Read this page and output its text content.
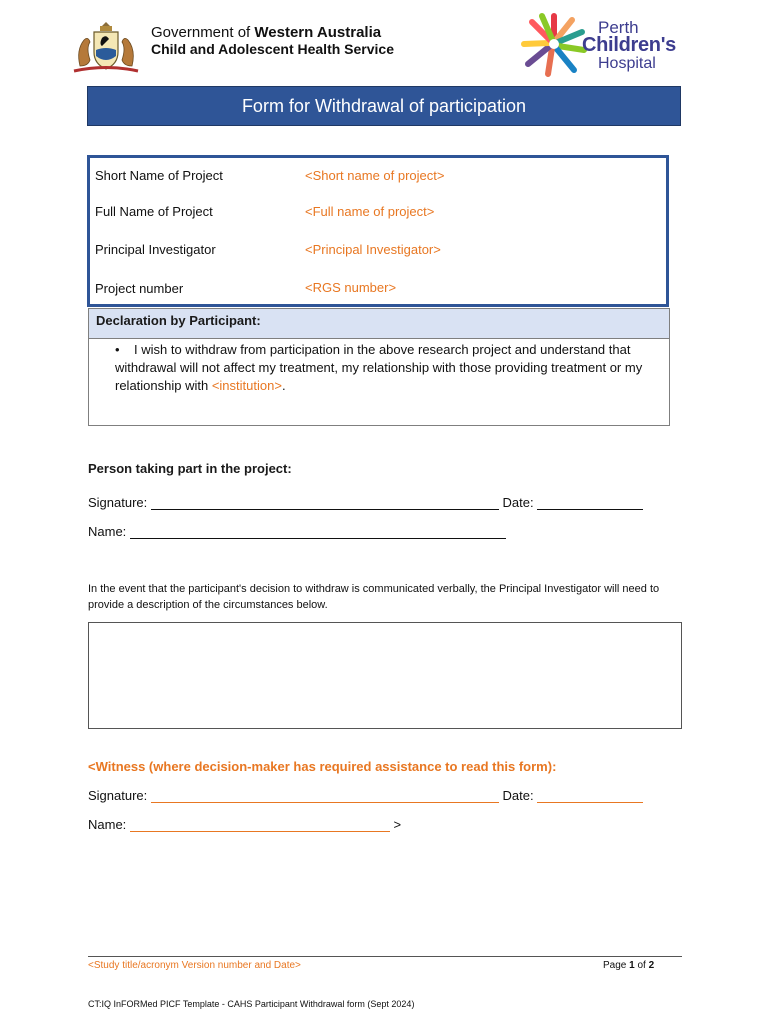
Government of Western Australia
Child and Adolescent Health Service
Perth
Children's
Hospital
Form for Withdrawal of participation
Short Name of Project	<Short name of project>
Full Name of Project	<Full name of project>
Principal Investigator	<Principal Investigator>
Project number	<RGS number>
Declaration by Participant:
• I wish to withdraw from participation in the above research project and understand that withdrawal will not affect my treatment, my relationship with those providing treatment or my relationship with <institution>.
Person taking part in the project:
Signature:	Date:
Name:
In the event that the participant's decision to withdraw is communicated verbally, the Principal Investigator will need to provide a description of the circumstances below.
<Witness (where decision-maker has required assistance to read this form):
Signature:	Date:
Name:	>
<Study title/acronym Version number and Date>	Page 1 of 2
CT:IQ InFORMed PICF Template - CAHS Participant Withdrawal form (Sept 2024)
